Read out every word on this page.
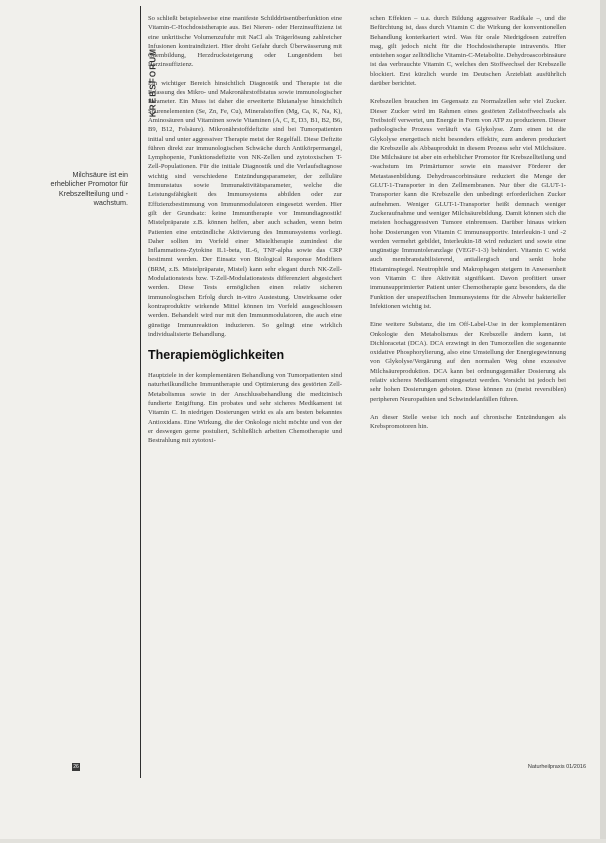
KREBSFORUM
Milchsäure ist ein erheblicher Promotor für Krebszellteilung und -wachstum.

So schließt beispielsweise eine manifeste Schilddrüsenüberfunktion eine Vitamin-C-Hochdosistherapie aus. Bei Nieren- oder Herzinsuffizienz ist eine unkritische Volumenzufuhr mit NaCl als Trägerlösung zahlreicher Infusionen kontraindiziert. Hier droht Gefahr durch Überwässerung mit Ödembildung, Herzdrucksteigerung oder Lungenödem bei Herzinsuffizienz.

Ein wichtiger Bereich hinsichtlich Diagnostik und Therapie ist die Erfassung des Mikro- und Makronährstoffstatus sowie immunologischer Parameter. Ein Muss ist daher die erweiterte Blutanalyse hinsichtlich Spurenelementen (Se, Zn, Fe, Cu), Mineralstoffen (Mg, Ca, K, Na, K), Aminosäuren und Vitaminen sowie Vitaminen (A, C, E, D3, B1, B2, B6, B9, B12, Folsäure). Mikronährstoffdefizite sind bei Tumorpatienten initial und unter aggressiver Therapie meist der Regelfall. Diese Defizite führen direkt zur immunologischen Schwäche durch Antikörpermangel, Lymphopenie, Funktionsdefizite von NK-Zellen und zytotoxischen T-Zell-Populationen. Für die initiale Diagnostik und die Verlaufsdiagnose wichtig sind verschiedene Entzündungsparameter, der zelluläre Immunstatus sowie Immunaktivitätsparameter, welche die Leistungsfähigkeit des Immunsystems abbilden oder zur Effizienzbestimmung von Immunmodulatoren eingesetzt werden. Hier gilt der Grundsatz: keine Immuntherapie vor Immundiagnostik! Mistelpräparate z.B. können helfen, aber auch schaden, wenn beim Patienten eine entzündliche Aktivierung des Immunsystems vorliegt. Daher sollten im Vorfeld einer Misteltherapie zumindest die Inflammations-Zytokine IL1-beta, IL-6, TNF-alpha sowie das CRP bestimmt werden. Der Einsatz von Biological Response Modifiers (BRM, z.B. Mistelpräparate, Mistel) kann sehr elegant durch NK-Zell-Modulationstests bzw. T-Zell-Modulationstests differenziert abgesichert werden. Diese Tests ermöglichen einen relativ sicheren immunologischen Erfolg durch in-vitro Austestung. Unwirksame oder kontraproduktiv wirkende Mittel können im Vorfeld ausgeschlossen werden. Behandelt wird nur mit den Immunmodulatoren, die auch eine günstige Immunreaktion induzieren. So gelingt eine wirklich individualisierte Behandlung.

Therapiemöglichkeiten

Hauptziele in der komplementären Behandlung von Tumorpatienten sind naturheilkundliche Immuntherapie und Optimierung des gestörten Zell-Metabolismus sowie in der Anschlussbehandlung die medizinisch fundierte Entgiftung. Ein probates und sehr sicheres Medikament ist Vitamin C. In niedrigen Dosierungen wirkt es als am besten bekanntes Antioxidans. Eine Wirkung, die der Onkologe nicht möchte und von der er deswegen gerne postuliert, Schließlich arbeiten Chemotherapie und Bestrahlung mit zytotoxi-

schen Effekten – u.a. durch Bildung aggressiver Radikale –, und die Befürchtung ist, dass durch Vitamin C die Wirkung der konventionellen Behandlung konterkariert wird. Was für orale Niedrigdosen zutreffen mag, gilt jedoch nicht für die Hochdosistherapie intravenös. Hier entstehen sogar zelltödliche Vitamin-C-Metabolite. Dehydroascorbinsäure ist das verbrauchte Vitamin C, welches den Stoffwechsel der Krebszelle blockiert. Erst kürzlich wurde im Deutschen Ärzteblatt ausführlich darüber berichtet.

Krebszellen brauchen im Gegensatz zu Normalzellen sehr viel Zucker. Dieser Zucker wird im Rahmen eines gestörten Zellstoffwechsels als Treibstoff verwertet, um Energie in Form von ATP zu produzieren. Dieser pathologische Prozess verläuft via Glykolyse. Zum einen ist die Glykolyse energetisch nicht besonders effektiv, zum anderen produziert die Krebszelle als Abbauprodukt in diesem Prozess sehr viel Milchsäure. Die Milchsäure ist aber ein erheblicher Promotor für Krebszellteilung und -wachstum im Primärtumor sowie ein massiver Förderer der Metastasenbildung. Dehydroascorbinsäure reduziert die Menge der GLUT-1-Transporter in den Zellmembranen. Nur über die GLUT-1-Transporter kann die Krebszelle den unbedingt erforderlichen Zucker aufnehmen. Weniger GLUT-1-Transporter heißt demnach weniger Zuckeraufnahme und weniger Milchsäurebildung. Damit können sich die meisten hochaggressiven Tumore einbremsen. Darüber hinaus wirken hohe Dosierungen von Vitamin C immunsupportiv. Interleukin-1 und -2 werden vermehrt gebildet, Interleukin-18 wird reduziert und sowie eine ungünstige Immuntoleranzlage (VEGF-1-3) behindert. Vitamin C wirkt auch membranstabilisierend, antiallergisch und senkt hohe Histaminspiegel. Neutrophile und Makrophagen steigern in Anwesenheit von Vitamin C ihre Aktivität signifikant. Davon profitiert unser immunsupprimierter Patient unter Chemotherapie ganz besonders, da die Funktion der unspezifischen Immunsystems für die Abwehr bakterieller Infektionen wichtig ist.

Eine weitere Substanz, die im Off-Label-Use in der komplementären Onkologie den Metabolismus der Krebszelle ändern kann, ist Dichloracetat (DCA). DCA erzwingt in den Tumorzellen die sogenannte oxidative Phosphorylierung, also eine Umstellung der Energiegewinnung von Glykolyse/Vergärung auf den normalen Weg ohne exzessive Milchsäureproduktion. DCA kann bei ordnungsgemäßer Dosierung als relativ sicheres Medikament eingesetzt werden. Vorsicht ist jedoch bei sehr hohen Dosierungen geboten. Diese können zu (meist reversiblen) peripheren Neuropathien und Schwindelanfällen führen.

An dieser Stelle weise ich noch auf chronische Entzündungen als Krebspromotoren hin.

26	Naturheilpraxis 01/2016
